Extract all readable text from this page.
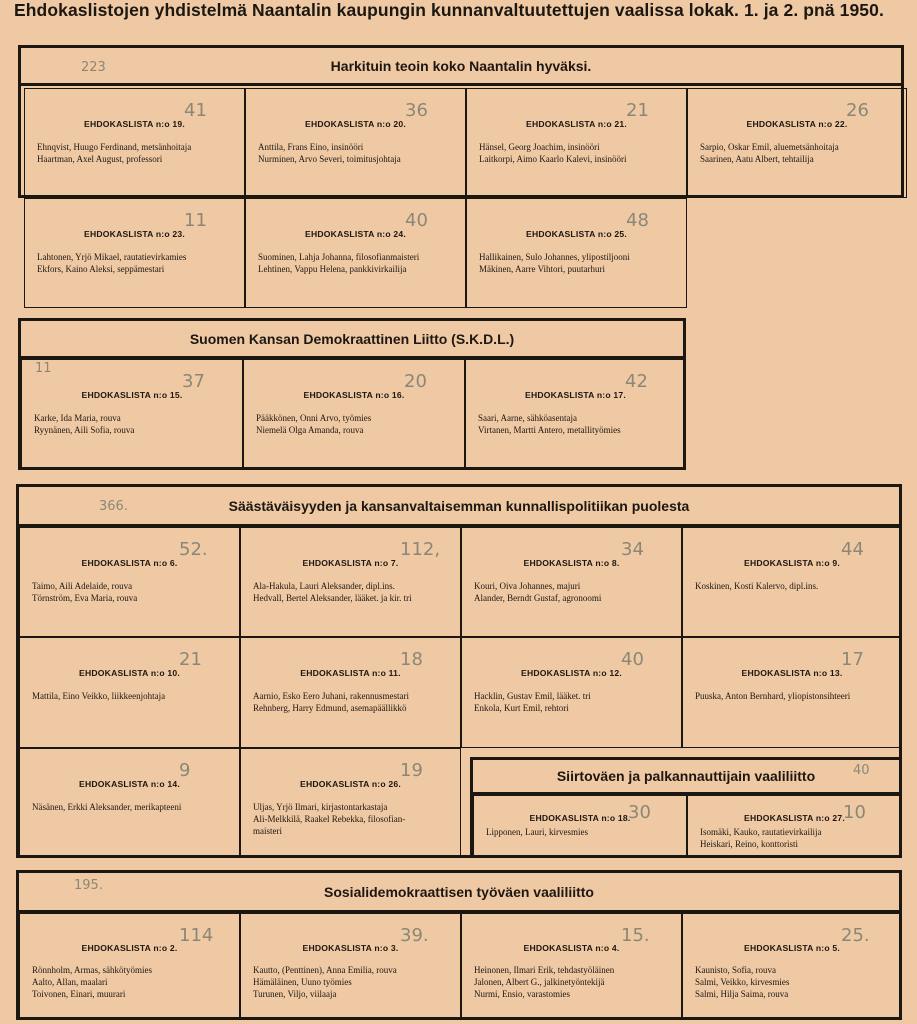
Ehdokaslistojen yhdistelmä Naantalin kaupungin kunnanvaltuutettujen vaalissa lokak. 1. ja 2. pnä 1950.
Harkituin teoin koko Naantalin hyväksi.
223
EHDOKASLISTA n:o 19.
41
Ehnqvist, Huugo Ferdinand, metsänhoitaja
Haartman, Axel August, professori
EHDOKASLISTA n:o 20.
36
Anttila, Frans Eino, insinööri
Nurminen, Arvo Severi, toimitusjohtaja
EHDOKASLISTA n:o 21.
21
Hänsel, Georg Joachim, insinööri
Laitkorpi, Aimo Kaarlo Kalevi, insinööri
EHDOKASLISTA n:o 22.
26
Sarpio, Oskar Emil, aluemetsänhoitaja
Saarinen, Aatu Albert, tehtailija
EHDOKASLISTA n:o 23.
11
Lahtonen, Yrjö Mikael, rautatievirkamies
Ekfors, Kaino Aleksi, seppämestari
EHDOKASLISTA n:o 24.
40
Suominen, Lahja Johanna, filosofianmaisteri
Lehtinen, Vappu Helena, pankkivirkailija
EHDOKASLISTA n:o 25.
48
Hallikainen, Sulo Johannes, ylipostiljooni
Mäkinen, Aarre Vihtori, puutarhuri
Suomen Kansan Demokraattinen Liitto (S.K.D.L.)
11
EHDOKASLISTA n:o 15.
37
Karke, Ida Maria, rouva
Ryynänen, Aili Sofia, rouva
EHDOKASLISTA n:o 16.
20
Pääkkönen, Onni Arvo, työmies
Niemelä Olga Amanda, rouva
EHDOKASLISTA n:o 17.
42
Saari, Aarne, sähköasentaja
Virtanen, Martti Antero, metallityömies
Säästäväisyyden ja kansanvaltaisemman kunnallispolitiikan puolesta
366.
EHDOKASLISTA n:o 6.
52.
Taimo, Aili Adelaide, rouva
Törnström, Eva Maria, rouva
EHDOKASLISTA n:o 7.
112,
Ala-Hakula, Lauri Aleksander, dipl.ins.
Hedvall, Bertel Aleksander, lääket. ja kir. tri
EHDOKASLISTA n:o 8.
34
Kouri, Oiva Johannes, majuri
Alander, Berndt Gustaf, agronoomi
EHDOKASLISTA n:o 9.
44
Koskinen, Kosti Kalervo, dipl.ins.
EHDOKASLISTA n:o 10.
21
Mattila, Eino Veikko, liikkeenjohtaja
EHDOKASLISTA n:o 11.
18
Aarnio, Esko Eero Juhani, rakennusmestari
Rehnberg, Harry Edmund, asemapäällikkö
EHDOKASLISTA n:o 12.
40
Hacklin, Gustav Emil, lääket. tri
Enkola, Kurt Emil, rehtori
EHDOKASLISTA n:o 13.
17
Puuska, Anton Bernhard, yliopistonsihteeri
EHDOKASLISTA n:o 14.
9
Näsänen, Erkki Aleksander, merikapteeni
EHDOKASLISTA n:o 26.
19
Uljas, Yrjö Ilmari, kirjastontarkastaja
Ali-Melkkilä, Raakel Rebekka, filosofian-
maisteri
Siirtoväen ja palkannauttijain vaaliliitto	40
EHDOKASLISTA n:o 18.
30
Lipponen, Lauri, kirvesmies
EHDOKASLISTA n:o 27.
10
Isomäki, Kauko, rautatievirkailija
Heiskari, Reino, konttoristi
Sosialidemokraattisen työväen vaaliliitto
195.
EHDOKASLISTA n:o 2.
114
Rönnholm, Armas, sähkötyömies
Aalto, Allan, maalari
Toivonen, Einari, muurari
EHDOKASLISTA n:o 3.
39.
Kautto, (Penttinen), Anna Emilia, rouva
Hämäläinen, Uuno työmies
Turunen, Viljo, viilaaja
EHDOKASLISTA n:o 4.
15.
Heinonen, Ilmari Erik, tehdastyöläinen
Jalonen, Albert G., jalkinetyöntekijä
Nurmi, Ensio, varastomies
EHDOKASLISTA n:o 5.
25.
Kaunisto, Sofia, rouva
Salmi, Veikko, kirvesmies
Salmi, Hilja Saima, rouva
